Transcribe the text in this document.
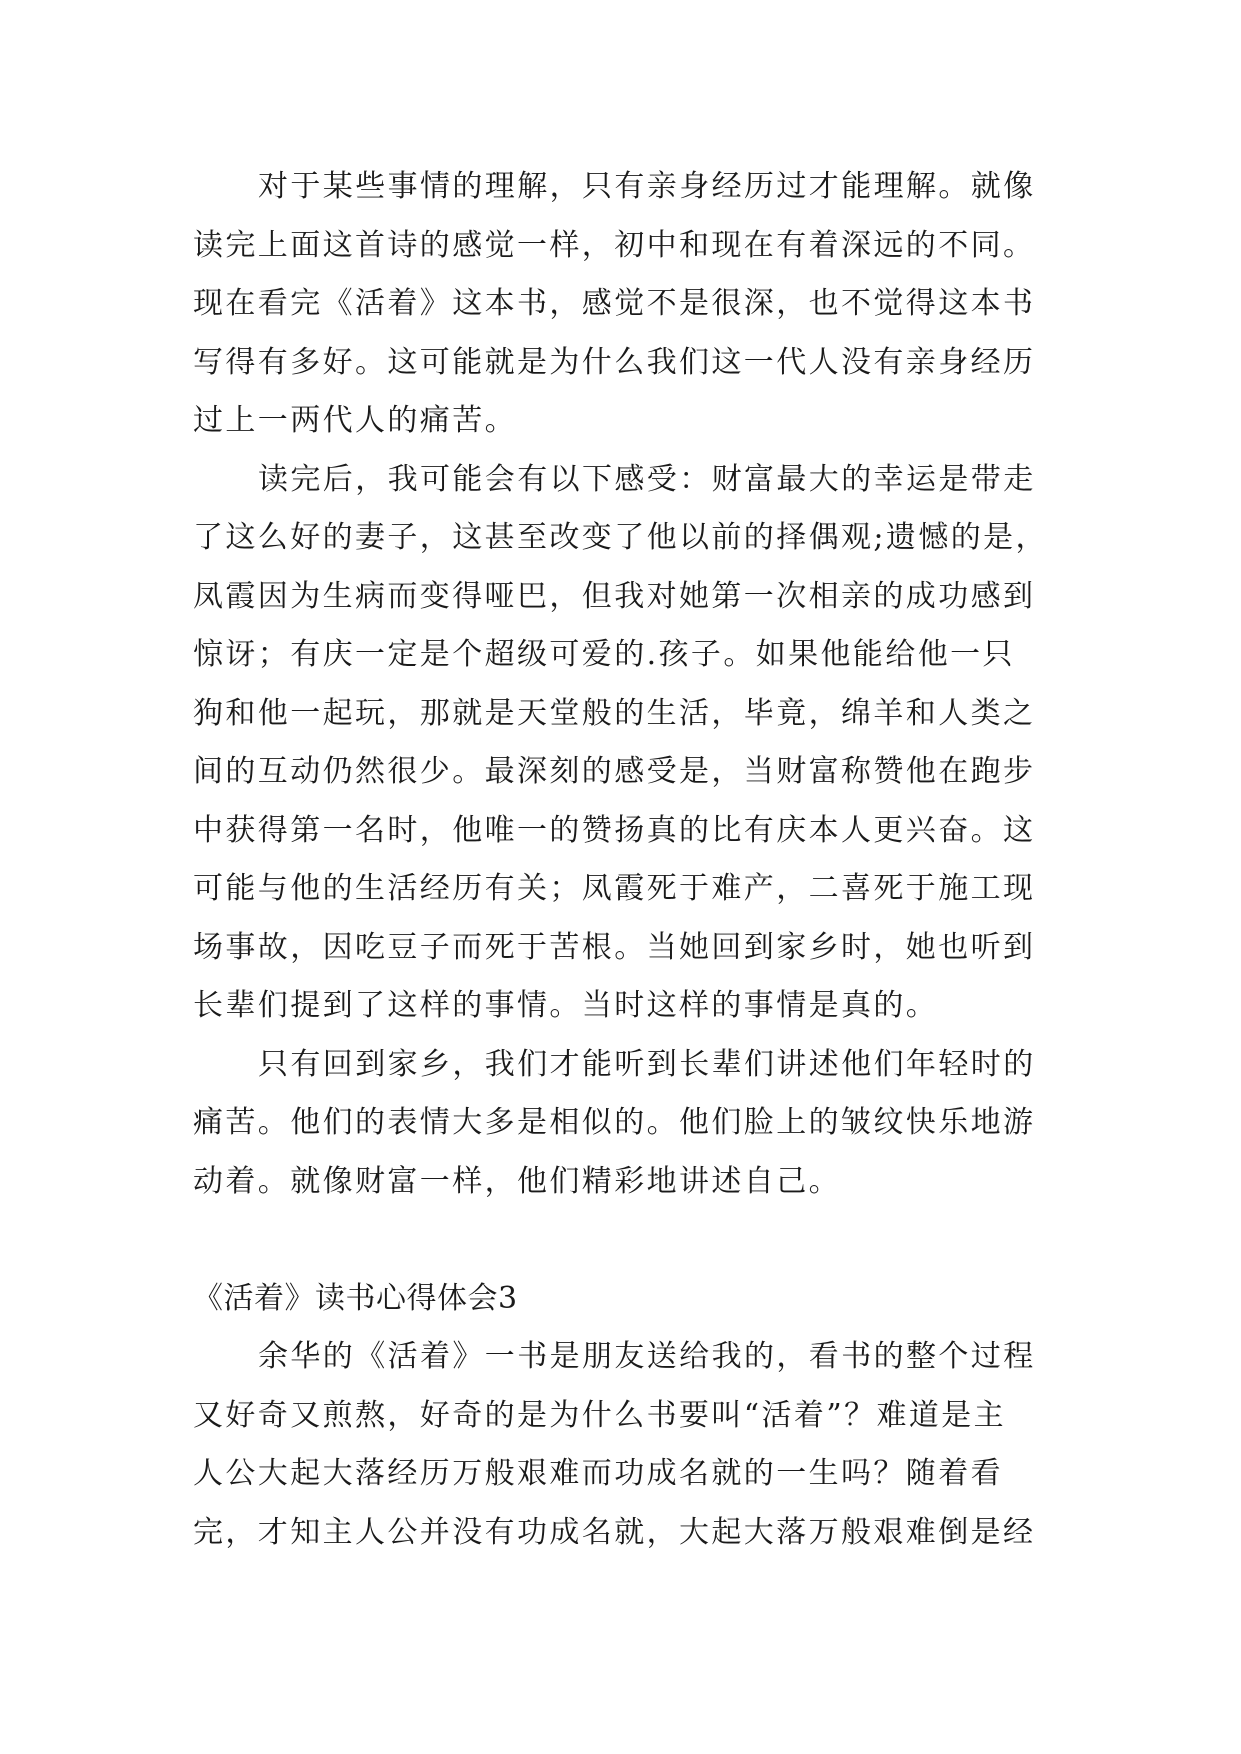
对于某些事情的理解，只有亲身经历过才能理解。就像
读完上面这首诗的感觉一样，初中和现在有着深远的不同。
现在看完《活着》这本书，感觉不是很深，也不觉得这本书
写得有多好。这可能就是为什么我们这一代人没有亲身经历
过上一两代人的痛苦。
读完后，我可能会有以下感受：财富最大的幸运是带走
了这么好的妻子，这甚至改变了他以前的择偶观;遗憾的是，
凤霞因为生病而变得哑巴，但我对她第一次相亲的成功感到
惊讶；有庆一定是个超级可爱的.孩子。如果他能给他一只
狗和他一起玩，那就是天堂般的生活，毕竟，绵羊和人类之
间的互动仍然很少。最深刻的感受是，当财富称赞他在跑步
中获得第一名时，他唯一的赞扬真的比有庆本人更兴奋。这
可能与他的生活经历有关；凤霞死于难产，二喜死于施工现
场事故，因吃豆子而死于苦根。当她回到家乡时，她也听到
长辈们提到了这样的事情。当时这样的事情是真的。
只有回到家乡，我们才能听到长辈们讲述他们年轻时的
痛苦。他们的表情大多是相似的。他们脸上的皱纹快乐地游
动着。就像财富一样，他们精彩地讲述自己。
《活着》读书心得体会3
余华的《活着》一书是朋友送给我的，看书的整个过程
又好奇又煎熬，好奇的是为什么书要叫“活着”？难道是主
人公大起大落经历万般艰难而功成名就的一生吗？随着看
完，才知主人公并没有功成名就，大起大落万般艰难倒是经
